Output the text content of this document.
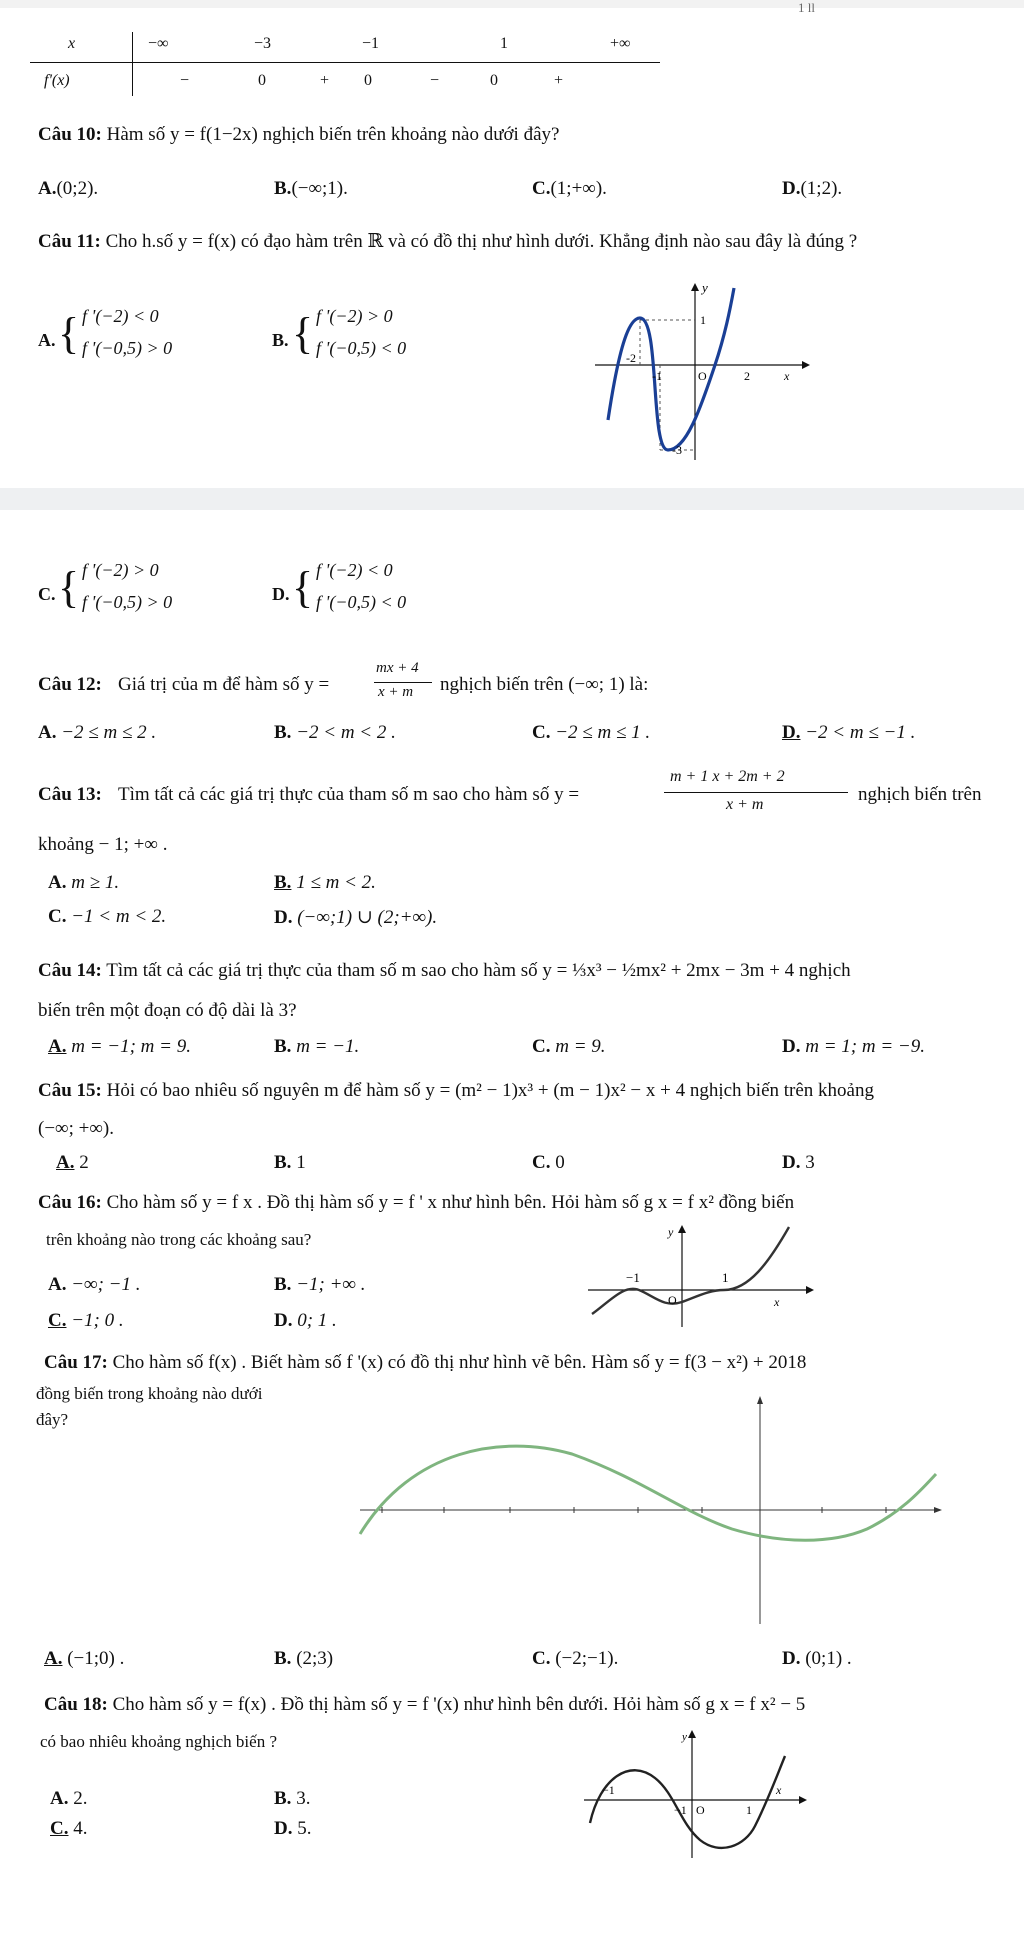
1 ll
x	−∞	−3	−1	1	+∞
f'(x)	−	0	+ 0	−	0	+
Câu 10: Hàm số y = f(1−2x) nghịch biến trên khoảng nào dưới đây?
A.(0;2).	B.(−∞;1).	C.(1;+∞).	D.(1;2).
Câu 11: Cho h.số y = f(x) có đạo hàm trên ℝ và có đồ thị như hình dưới. Khẳng định nào sau đây là đúng ?
A. { f '(−2) < 0
f '(−0,5) > 0	B. { f '(−2) > 0
f '(−0,5) < 0
y
1
-2
-1	O	2	x
-3
C. { f '(−2) > 0
f '(−0,5) > 0	D. { f '(−2) < 0
f '(−0,5) < 0
Câu 12: Giá trị của m để hàm số y =
mx + 4
x + m nghịch biến trên (−∞; 1) là:
A. −2 ≤ m ≤ 2 .	B. −2 < m < 2 .	C. −2 ≤ m ≤ 1 .	D. −2 < m ≤ −1 .
Câu 13: Tìm tất cả các giá trị thực của tham số m sao cho hàm số y =
m + 1 x + 2m + 2
x + m	nghịch biến trên
khoảng − 1; +∞ .
A. m ≥ 1.	B. 1 ≤ m < 2.
C. −1 < m < 2.	D. (−∞;1) ∪ (2;+∞).
Câu 14: Tìm tất cả các giá trị thực của tham số m sao cho hàm số y = ⅓x³ − ½mx² + 2mx − 3m + 4 nghịch
biến trên một đoạn có độ dài là 3?
A. m = −1; m = 9.	B. m = −1.	C. m = 9.	D. m = 1; m = −9.
Câu 15: Hỏi có bao nhiêu số nguyên m để hàm số y = (m² − 1)x³ + (m − 1)x² − x + 4 nghịch biến trên khoảng
(−∞; +∞).
A. 2	B. 1	C. 0	D. 3
Câu 16: Cho hàm số y = f x . Đồ thị hàm số y = f ' x như hình bên. Hỏi hàm số g x = f x² đồng biến
trên khoảng nào trong các khoảng sau?
A. −∞; −1 .	B. −1; +∞ .
C. −1; 0 .	D. 0; 1 .
y
−1	1
O	x
Câu 17: Cho hàm số f(x) . Biết hàm số f '(x) có đồ thị như hình vẽ bên. Hàm số y = f(3 − x²) + 2018
đồng biến trong khoảng nào dưới
đây?
A. (−1;0) .	B. (2;3)	C. (−2;−1).	D. (0;1) .
Câu 18: Cho hàm số y = f(x) . Đồ thị hàm số y = f '(x) như hình bên dưới. Hỏi hàm số g x = f x² − 5
có bao nhiêu khoảng nghịch biến ?
A. 2.	B. 3.
C. 4.	D. 5.
y
−1
−1 O	1
x
